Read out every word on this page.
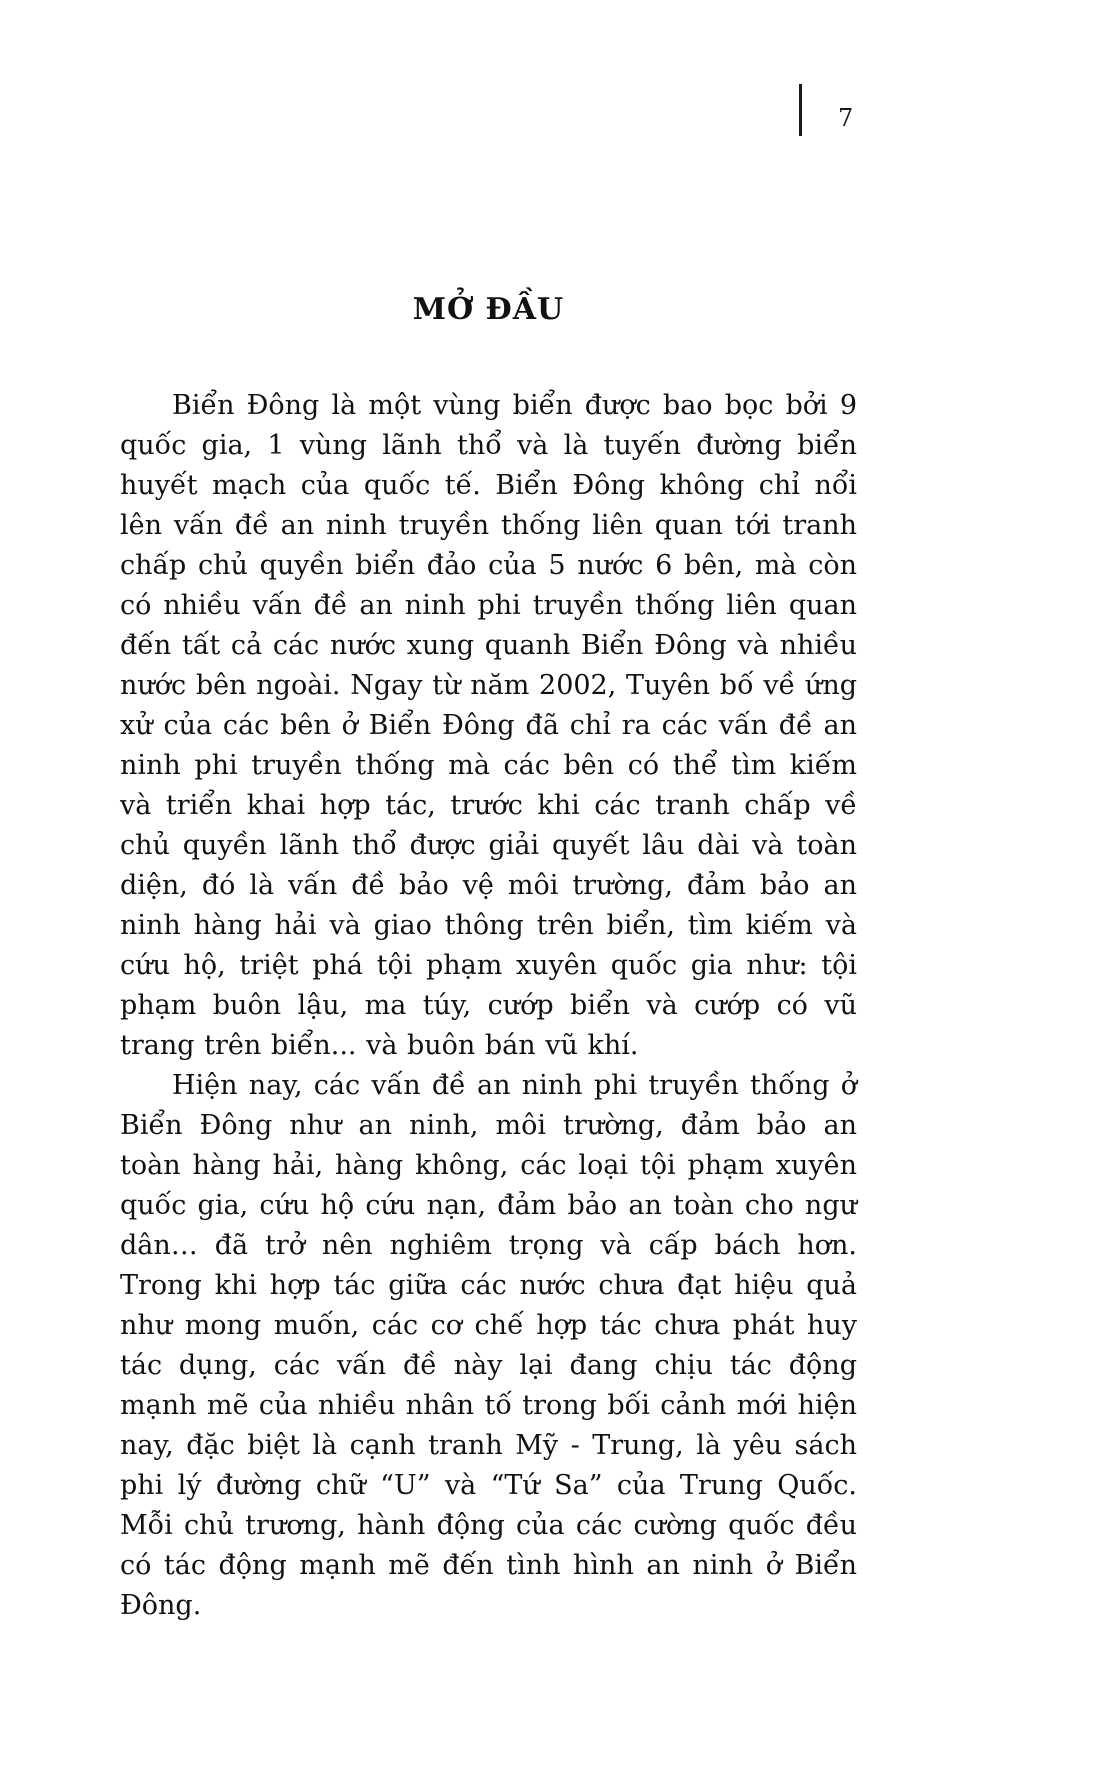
7
MỞ ĐẦU

Biển Đông là một vùng biển được bao bọc bởi 9 quốc gia, 1 vùng lãnh thổ và là tuyến đường biển huyết mạch của quốc tế. Biển Đông không chỉ nổi lên vấn đề an ninh truyền thống liên quan tới tranh chấp chủ quyền biển đảo của 5 nước 6 bên, mà còn có nhiều vấn đề an ninh phi truyền thống liên quan đến tất cả các nước xung quanh Biển Đông và nhiều nước bên ngoài. Ngay từ năm 2002, Tuyên bố về ứng xử của các bên ở Biển Đông đã chỉ ra các vấn đề an ninh phi truyền thống mà các bên có thể tìm kiếm và triển khai hợp tác, trước khi các tranh chấp về chủ quyền lãnh thổ được giải quyết lâu dài và toàn diện, đó là vấn đề bảo vệ môi trường, đảm bảo an ninh hàng hải và giao thông trên biển, tìm kiếm và cứu hộ, triệt phá tội phạm xuyên quốc gia như: tội phạm buôn lậu, ma túy, cướp biển và cướp có vũ trang trên biển... và buôn bán vũ khí.

Hiện nay, các vấn đề an ninh phi truyền thống ở Biển Đông như an ninh, môi trường, đảm bảo an toàn hàng hải, hàng không, các loại tội phạm xuyên quốc gia, cứu hộ cứu nạn, đảm bảo an toàn cho ngư dân… đã trở nên nghiêm trọng và cấp bách hơn. Trong khi hợp tác giữa các nước chưa đạt hiệu quả như mong muốn, các cơ chế hợp tác chưa phát huy tác dụng, các vấn đề này lại đang chịu tác động mạnh mẽ của nhiều nhân tố trong bối cảnh mới hiện nay, đặc biệt là cạnh tranh Mỹ - Trung, là yêu sách phi lý đường chữ “U” và “Tứ Sa” của Trung Quốc. Mỗi chủ trương, hành động của các cường quốc đều có tác động mạnh mẽ đến tình hình an ninh ở Biển Đông.
